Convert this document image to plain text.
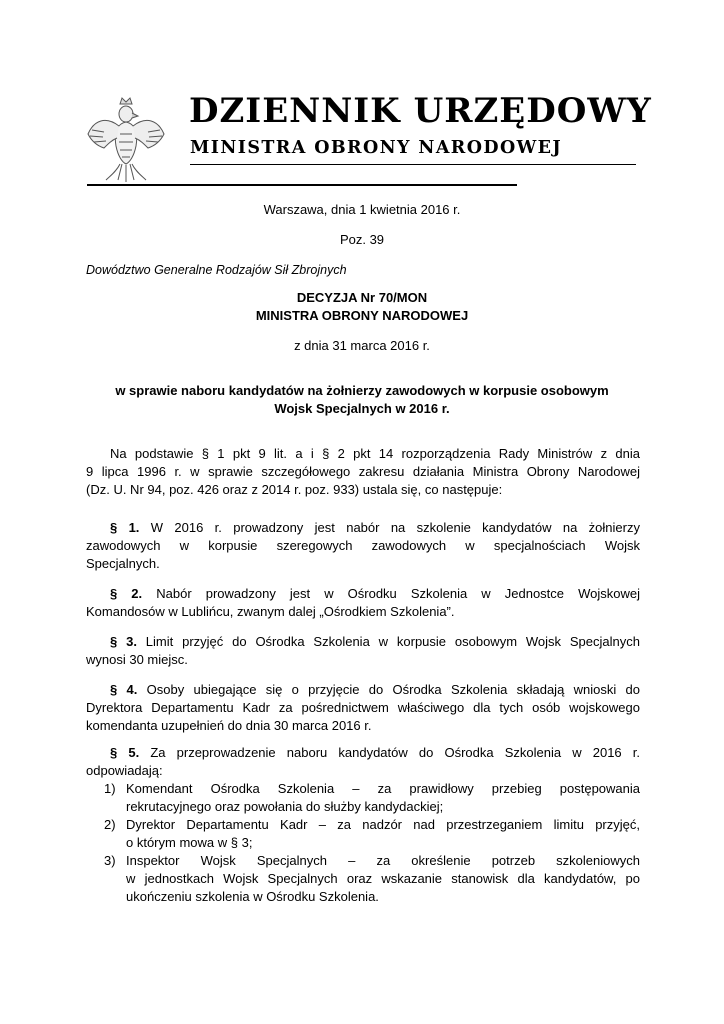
DZIENNIK URZĘDOWY
MINISTRA OBRONY NARODOWEJ
Warszawa, dnia 1 kwietnia 2016 r.
Poz. 39
Dowództwo Generalne Rodzajów Sił Zbrojnych
DECYZJA Nr 70/MON
MINISTRA OBRONY NARODOWEJ
z dnia 31 marca 2016 r.
w sprawie naboru kandydatów na żołnierzy zawodowych w korpusie osobowym
Wojsk Specjalnych w 2016 r.
Na podstawie § 1 pkt 9 lit. a i § 2 pkt 14 rozporządzenia Rady Ministrów z dnia
9 lipca 1996 r. w sprawie szczegółowego zakresu działania Ministra Obrony Narodowej
(Dz. U. Nr 94, poz. 426 oraz z 2014 r. poz. 933) ustala się, co następuje:
§ 1. W 2016 r. prowadzony jest nabór na szkolenie kandydatów na żołnierzy
zawodowych w korpusie szeregowych zawodowych w specjalnościach Wojsk
Specjalnych.
§ 2. Nabór prowadzony jest w Ośrodku Szkolenia w Jednostce Wojskowej
Komandosów w Lublińcu, zwanym dalej „Ośrodkiem Szkolenia”.
§ 3. Limit przyjęć do Ośrodka Szkolenia w korpusie osobowym Wojsk Specjalnych
wynosi 30 miejsc.
§ 4. Osoby ubiegające się o przyjęcie do Ośrodka Szkolenia składają wnioski do
Dyrektora Departamentu Kadr za pośrednictwem właściwego dla tych osób wojskowego
komendanta uzupełnień do dnia 30 marca 2016 r.
§ 5. Za przeprowadzenie naboru kandydatów do Ośrodka Szkolenia w 2016 r.
odpowiadają:
1) Komendant Ośrodka Szkolenia – za prawidłowy przebieg postępowania
rekrutacyjnego oraz powołania do służby kandydackiej;
2) Dyrektor Departamentu Kadr – za nadzór nad przestrzeganiem limitu przyjęć,
o którym mowa w § 3;
3) Inspektor Wojsk Specjalnych – za określenie potrzeb szkoleniowych
w jednostkach Wojsk Specjalnych oraz wskazanie stanowisk dla kandydatów, po
ukończeniu szkolenia w Ośrodku Szkolenia.
